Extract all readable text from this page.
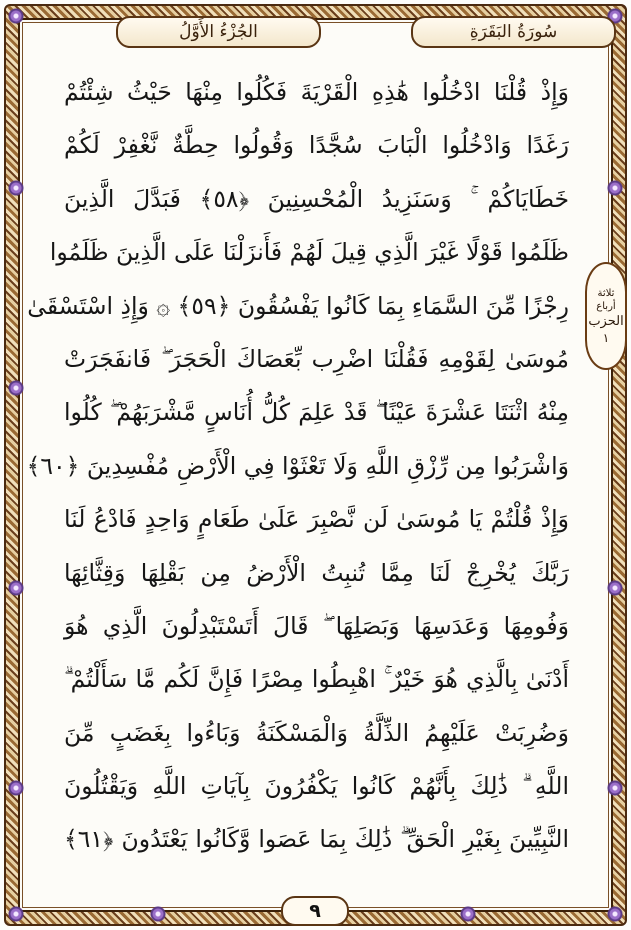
الجُزْءُ الأَوَّلُ	سُورَةُ البَقَرَةِ
وَإِذْ قُلْنَا ادْخُلُوا هَٰذِهِ الْقَرْيَةَ فَكُلُوا مِنْهَا حَيْثُ شِئْتُمْ
رَغَدًا وَادْخُلُوا الْبَابَ سُجَّدًا وَقُولُوا حِطَّةٌ نَّغْفِرْ لَكُمْ
خَطَايَاكُمْ ۚ وَسَنَزِيدُ الْمُحْسِنِينَ ﴿٥٨﴾ فَبَدَّلَ الَّذِينَ
ظَلَمُوا قَوْلًا غَيْرَ الَّذِي قِيلَ لَهُمْ فَأَنزَلْنَا عَلَى الَّذِينَ ظَلَمُوا
رِجْزًا مِّنَ السَّمَاءِ بِمَا كَانُوا يَفْسُقُونَ ﴿٥٩﴾ ۞ وَإِذِ اسْتَسْقَىٰ
مُوسَىٰ لِقَوْمِهِ فَقُلْنَا اضْرِب بِّعَصَاكَ الْحَجَرَ ۖ فَانفَجَرَتْ
مِنْهُ اثْنَتَا عَشْرَةَ عَيْنًا ۖ قَدْ عَلِمَ كُلُّ أُنَاسٍ مَّشْرَبَهُمْ ۖ كُلُوا
وَاشْرَبُوا مِن رِّزْقِ اللَّهِ وَلَا تَعْثَوْا فِي الْأَرْضِ مُفْسِدِينَ ﴿٦٠﴾
وَإِذْ قُلْتُمْ يَا مُوسَىٰ لَن نَّصْبِرَ عَلَىٰ طَعَامٍ وَاحِدٍ فَادْعُ لَنَا
رَبَّكَ يُخْرِجْ لَنَا مِمَّا تُنبِتُ الْأَرْضُ مِن بَقْلِهَا وَقِثَّائِهَا
وَفُومِهَا وَعَدَسِهَا وَبَصَلِهَا ۖ قَالَ أَتَسْتَبْدِلُونَ الَّذِي هُوَ
أَدْنَىٰ بِالَّذِي هُوَ خَيْرٌ ۚ اهْبِطُوا مِصْرًا فَإِنَّ لَكُم مَّا سَأَلْتُمْ ۗ
وَضُرِبَتْ عَلَيْهِمُ الذِّلَّةُ وَالْمَسْكَنَةُ وَبَاءُوا بِغَضَبٍ مِّنَ
اللَّهِ ۗ ذَٰلِكَ بِأَنَّهُمْ كَانُوا يَكْفُرُونَ بِآيَاتِ اللَّهِ وَيَقْتُلُونَ
النَّبِيِّينَ بِغَيْرِ الْحَقِّ ۗ ذَٰلِكَ بِمَا عَصَوا وَّكَانُوا يَعْتَدُونَ ﴿٦١﴾
ثلاثة أرباع
الحزب
١
٩
